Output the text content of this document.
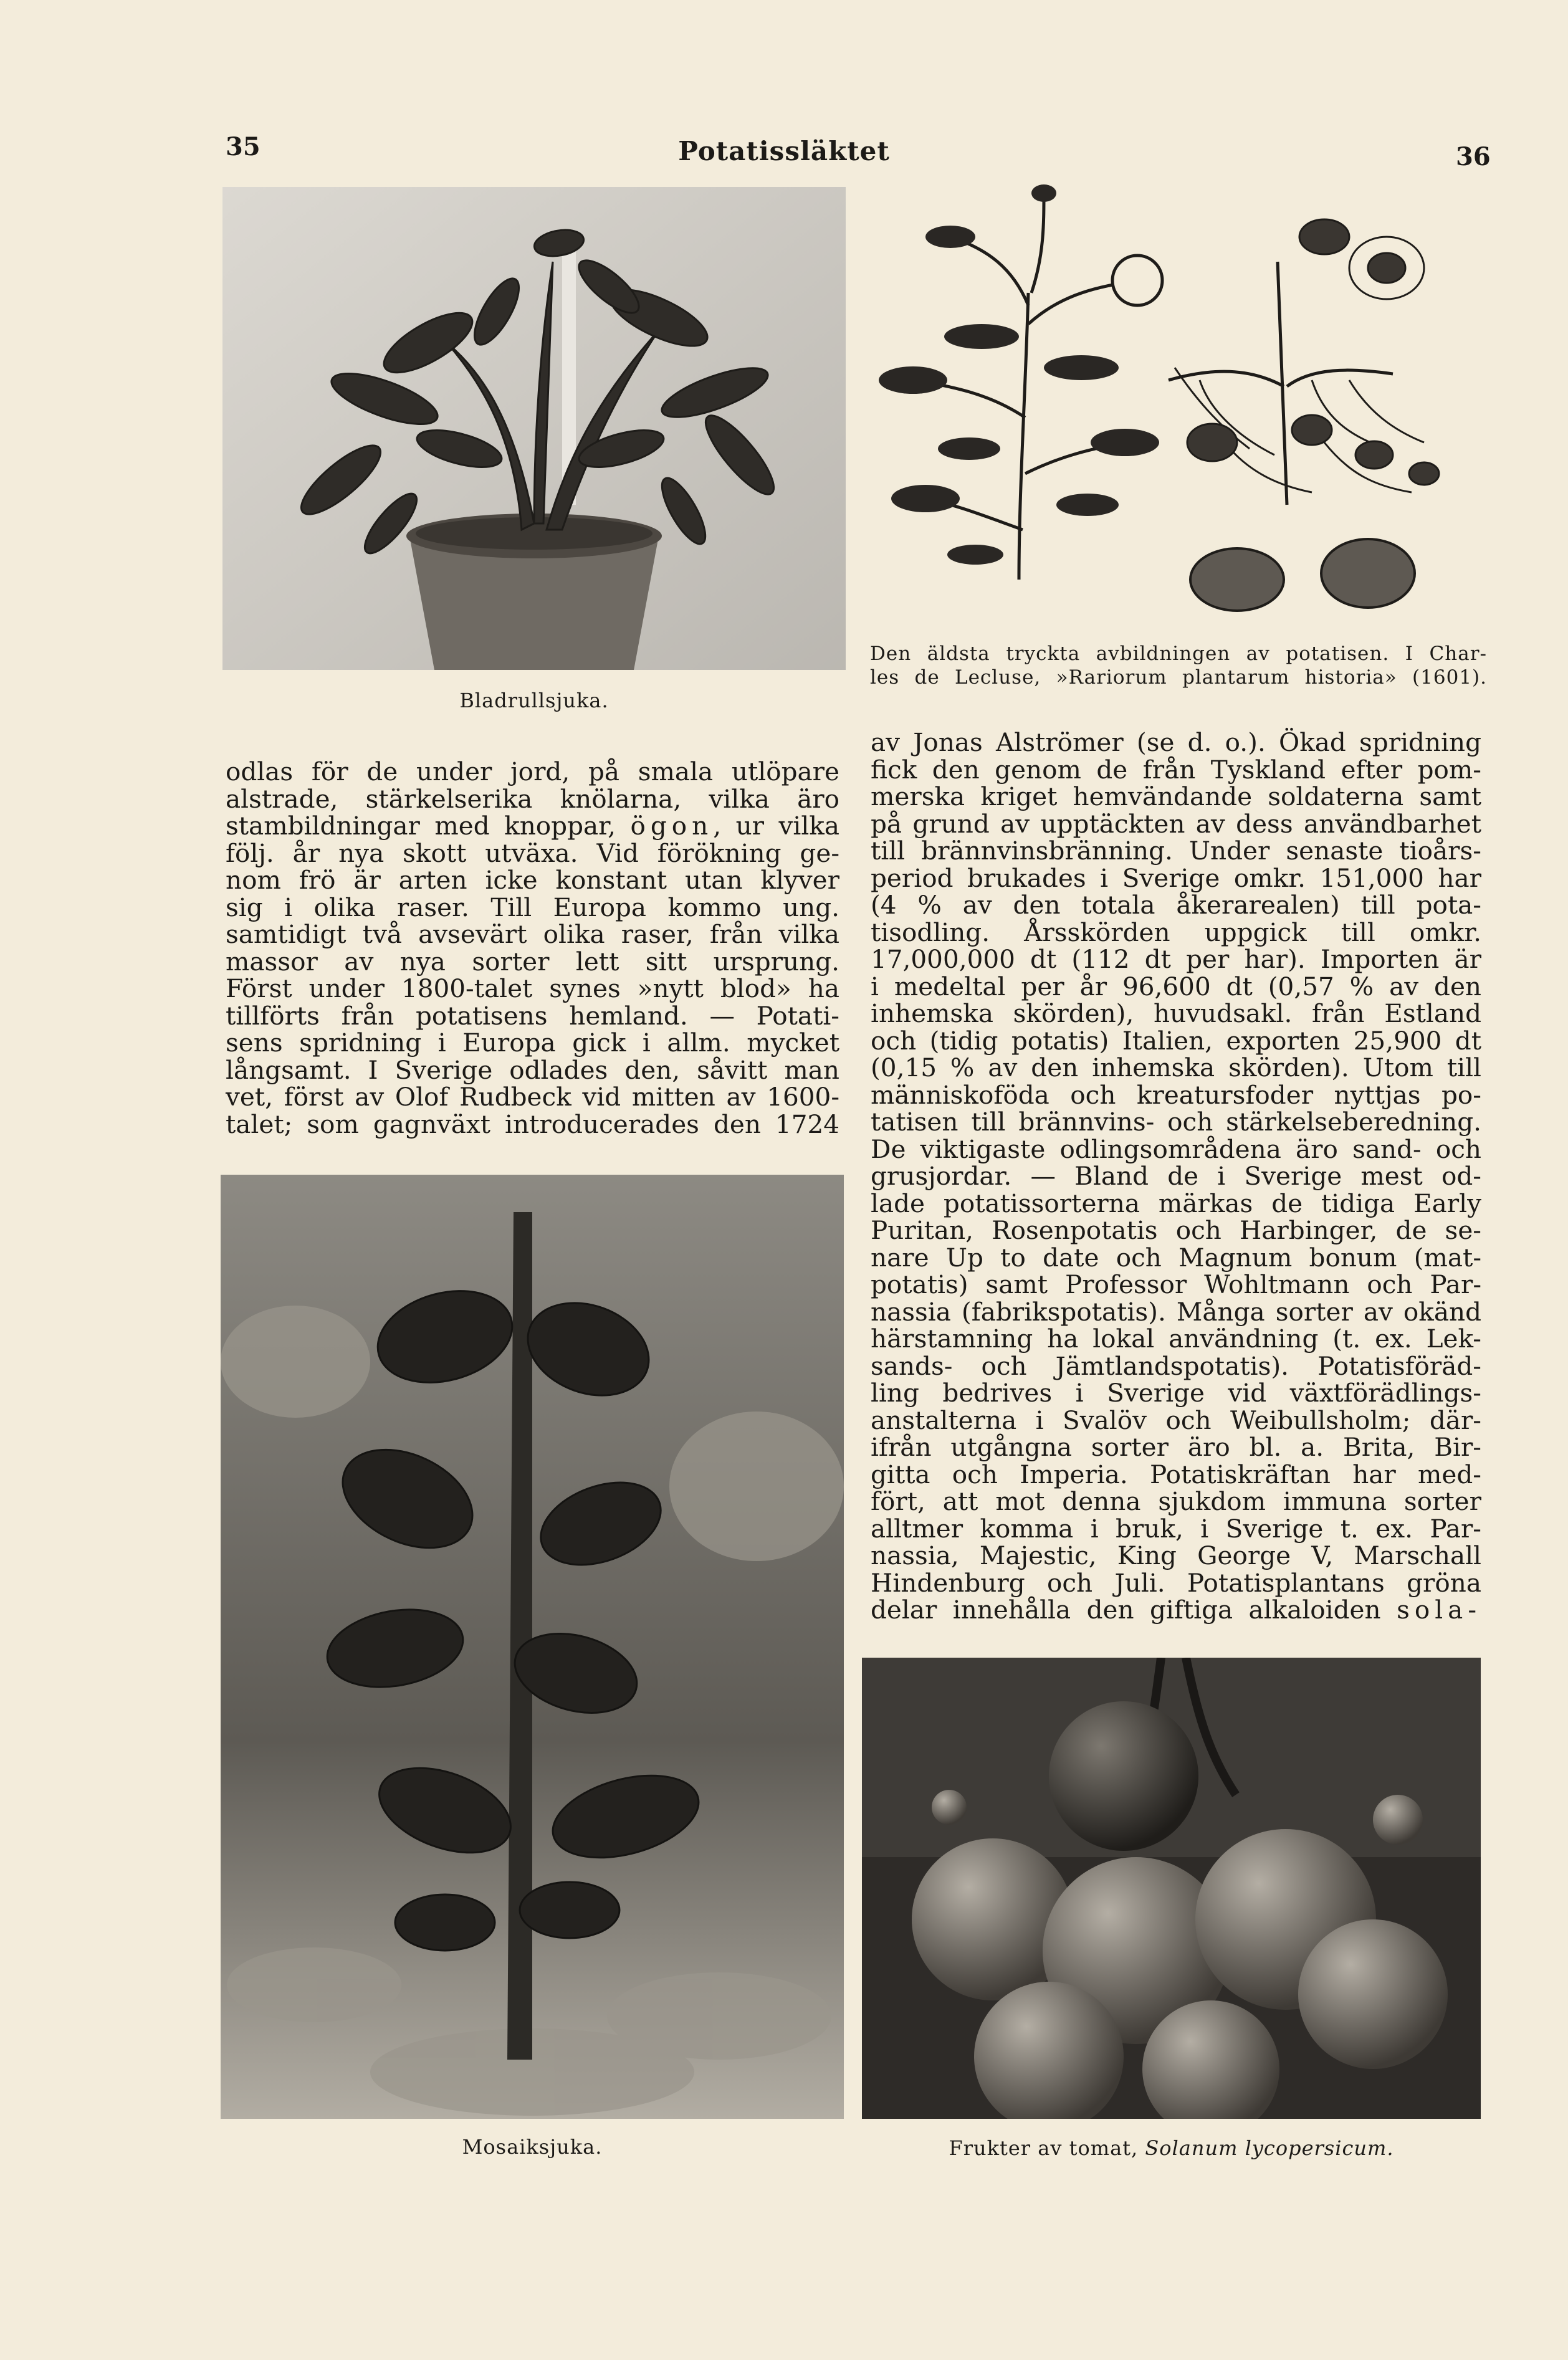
35	Potatissläktet	36
Bladrullsjuka.
Den äldsta tryckta avbildningen av potatisen. I Char-
les de Lecluse, »Rariorum plantarum historia» (1601).
odlas för de under jord, på smala utlöpare
alstrade, stärkelserika knölarna, vilka äro
stambildningar med knoppar, ögon, ur vilka
följ. år nya skott utväxa. Vid förökning ge-
nom frö är arten icke konstant utan klyver
sig i olika raser. Till Europa kommo ung.
samtidigt två avsevärt olika raser, från vilka
massor av nya sorter lett sitt ursprung.
Först under 1800-talet synes »nytt blod» ha
tillförts från potatisens hemland. — Potati-
sens spridning i Europa gick i allm. mycket
långsamt. I Sverige odlades den, såvitt man
vet, först av Olof Rudbeck vid mitten av 1600-
talet; som gagnväxt introducerades den 1724
Mosaiksjuka.
av Jonas Alströmer (se d. o.). Ökad spridning
fick den genom de från Tyskland efter pom-
merska kriget hemvändande soldaterna samt
på grund av upptäckten av dess användbarhet
till brännvinsbränning. Under senaste tioårs-
period brukades i Sverige omkr. 151,000 har
(4 % av den totala åkerarealen) till pota-
tisodling. Årsskörden uppgick till omkr.
17,000,000 dt (112 dt per har). Importen är
i medeltal per år 96,600 dt (0,57 % av den
inhemska skörden), huvudsakl. från Estland
och (tidig potatis) Italien, exporten 25,900 dt
(0,15 % av den inhemska skörden). Utom till
människoföda och kreatursfoder nyttjas po-
tatisen till brännvins- och stärkelseberedning.
De viktigaste odlingsområdena äro sand- och
grusjordar. — Bland de i Sverige mest od-
lade potatissorterna märkas de tidiga Early
Puritan, Rosenpotatis och Harbinger, de se-
nare Up to date och Magnum bonum (mat-
potatis) samt Professor Wohltmann och Par-
nassia (fabrikspotatis). Många sorter av okänd
härstamning ha lokal användning (t. ex. Lek-
sands- och Jämtlandspotatis). Potatisföräd-
ling bedrives i Sverige vid växtförädlings-
anstalterna i Svalöv och Weibullsholm; där-
ifrån utgångna sorter äro bl. a. Brita, Bir-
gitta och Imperia. Potatiskräftan har med-
fört, att mot denna sjukdom immuna sorter
alltmer komma i bruk, i Sverige t. ex. Par-
nassia, Majestic, King George V, Marschall
Hindenburg och Juli. Potatisplantans gröna
delar innehålla den giftiga alkaloiden sola-
Frukter av tomat, Solanum lycopersicum.
